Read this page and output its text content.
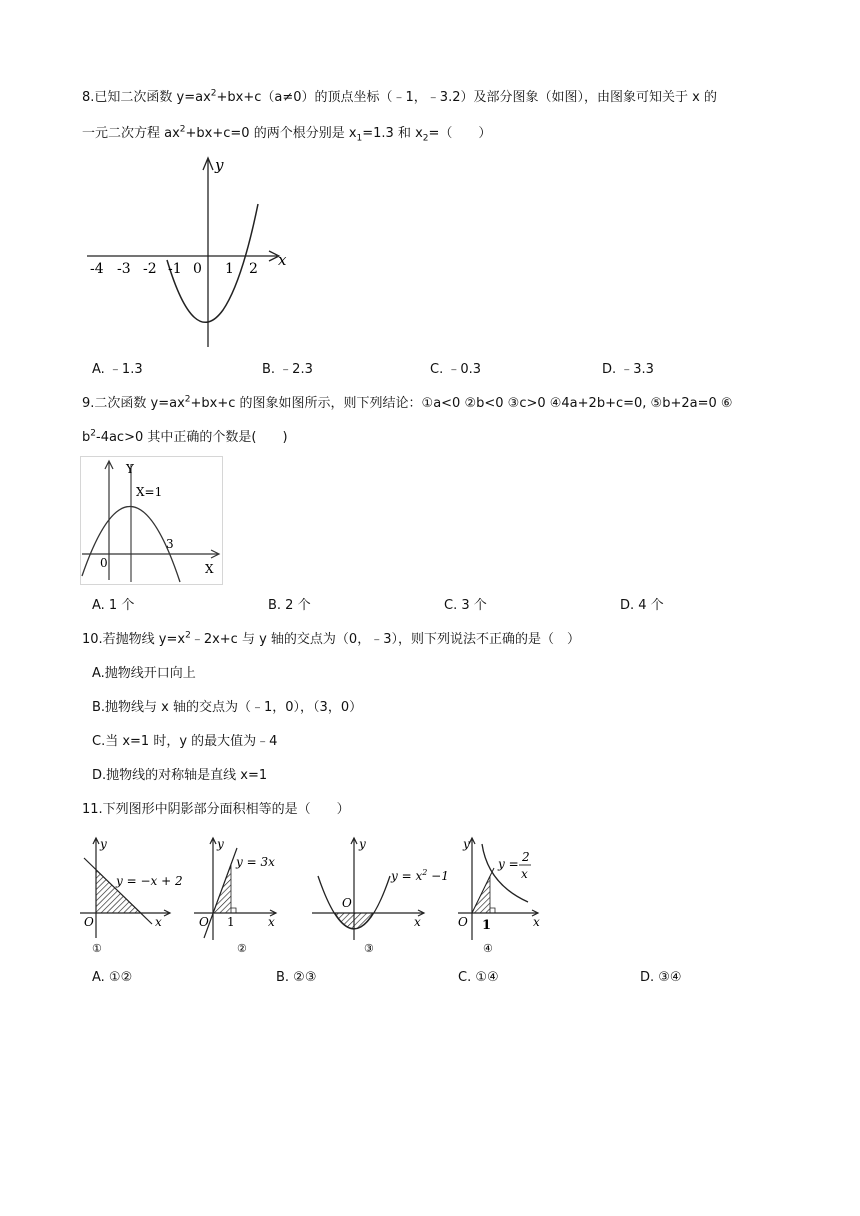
8.已知二次函数 $y=ax^2+bx+c(a\ne 0)$的顶点坐标（﹣1，﹣3.2）及部分图象（如图），由图象可知关于 x 的
一元二次方程 $ax^2+bx+c=0$ 的两个根分别是 $x_1=1.3$ 和 $x_2=$（　　）
y
x
0
-4 -3 -2 -1	1 2
A. ﹣1.3	B. ﹣2.3	C. ﹣0.3	D. ﹣3.3
9.二次函数 $y=ax^2+bx+c$ 的图象如图所示，则下列结论：①a<0 ②b<0 ③c>0 ④4a+2b+c=0, ⑤b+2a=0 ⑥
$b^2-4ac>0$ 其中正确的个数是(　　)
Y
X=1
3
0	X
A. 1 个	B. 2 个	C. 3 个	D. 4 个
10.若抛物线 $y=x^2﹣2x+c$ 与 y 轴的交点为（0，﹣3），则下列说法不正确的是（　）
A.抛物线开口向上
B.抛物线与 x 轴的交点为（﹣1，0），（3，0）
C.当 x=1 时，y 的最大值为﹣4
D.抛物线的对称轴是直线 x=1
11.下列图形中阴影部分面积相等的是（　　）
y
y = −x + 2
O	x
①
y
y = 3x
O 1	x
②
y
$y = x^2 -1$
O
x
③
y
y = 2
x
O 1	x
④
A. ①②	B. ②③	C. ①④	D. ③④
